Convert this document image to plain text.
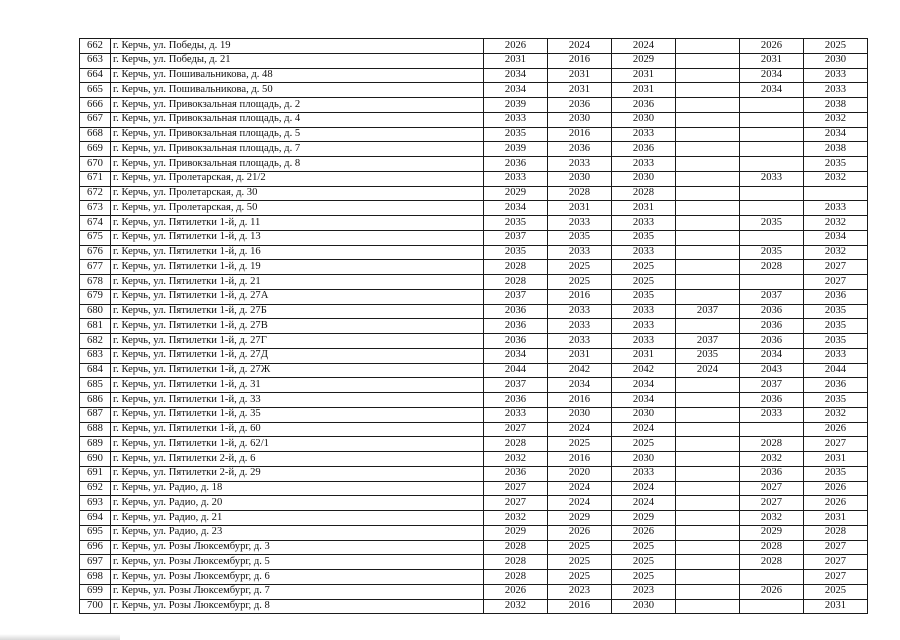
662	г. Керчь, ул. Победы, д. 19	2026	2024	2024		2026	2025
663	г. Керчь, ул. Победы, д. 21	2031	2016	2029		2031	2030
664	г. Керчь, ул. Пошивальникова, д. 48	2034	2031	2031		2034	2033
665	г. Керчь, ул. Пошивальникова, д. 50	2034	2031	2031		2034	2033
666	г. Керчь, ул. Привокзальная площадь, д. 2	2039	2036	2036			2038
667	г. Керчь, ул. Привокзальная площадь, д. 4	2033	2030	2030			2032
668	г. Керчь, ул. Привокзальная площадь, д. 5	2035	2016	2033			2034
669	г. Керчь, ул. Привокзальная площадь, д. 7	2039	2036	2036			2038
670	г. Керчь, ул. Привокзальная площадь, д. 8	2036	2033	2033			2035
671	г. Керчь, ул. Пролетарская, д. 21/2	2033	2030	2030		2033	2032
672	г. Керчь, ул. Пролетарская, д. 30	2029	2028	2028			
673	г. Керчь, ул. Пролетарская, д. 50	2034	2031	2031			2033
674	г. Керчь, ул. Пятилетки 1-й, д. 11	2035	2033	2033		2035	2032
675	г. Керчь, ул. Пятилетки 1-й, д. 13	2037	2035	2035			2034
676	г. Керчь, ул. Пятилетки 1-й, д. 16	2035	2033	2033		2035	2032
677	г. Керчь, ул. Пятилетки 1-й, д. 19	2028	2025	2025		2028	2027
678	г. Керчь, ул. Пятилетки 1-й, д. 21	2028	2025	2025			2027
679	г. Керчь, ул. Пятилетки 1-й, д. 27А	2037	2016	2035		2037	2036
680	г. Керчь, ул. Пятилетки 1-й, д. 27Б	2036	2033	2033	2037	2036	2035
681	г. Керчь, ул. Пятилетки 1-й, д. 27В	2036	2033	2033		2036	2035
682	г. Керчь, ул. Пятилетки 1-й, д. 27Г	2036	2033	2033	2037	2036	2035
683	г. Керчь, ул. Пятилетки 1-й, д. 27Д	2034	2031	2031	2035	2034	2033
684	г. Керчь, ул. Пятилетки 1-й, д. 27Ж	2044	2042	2042	2024	2043	2044
685	г. Керчь, ул. Пятилетки 1-й, д. 31	2037	2034	2034		2037	2036
686	г. Керчь, ул. Пятилетки 1-й, д. 33	2036	2016	2034		2036	2035
687	г. Керчь, ул. Пятилетки 1-й, д. 35	2033	2030	2030		2033	2032
688	г. Керчь, ул. Пятилетки 1-й, д. 60	2027	2024	2024			2026
689	г. Керчь, ул. Пятилетки 1-й, д. 62/1	2028	2025	2025		2028	2027
690	г. Керчь, ул. Пятилетки 2-й, д. 6	2032	2016	2030		2032	2031
691	г. Керчь, ул. Пятилетки 2-й, д. 29	2036	2020	2033		2036	2035
692	г. Керчь, ул. Радио, д. 18	2027	2024	2024		2027	2026
693	г. Керчь, ул. Радио, д. 20	2027	2024	2024		2027	2026
694	г. Керчь, ул. Радио, д. 21	2032	2029	2029		2032	2031
695	г. Керчь, ул. Радио, д. 23	2029	2026	2026		2029	2028
696	г. Керчь, ул. Розы Люксембург, д. 3	2028	2025	2025		2028	2027
697	г. Керчь, ул. Розы Люксембург, д. 5	2028	2025	2025		2028	2027
698	г. Керчь, ул. Розы Люксембург, д. 6	2028	2025	2025			2027
699	г. Керчь, ул. Розы Люксембург, д. 7	2026	2023	2023		2026	2025
700	г. Керчь, ул. Розы Люксембург, д. 8	2032	2016	2030			2031
